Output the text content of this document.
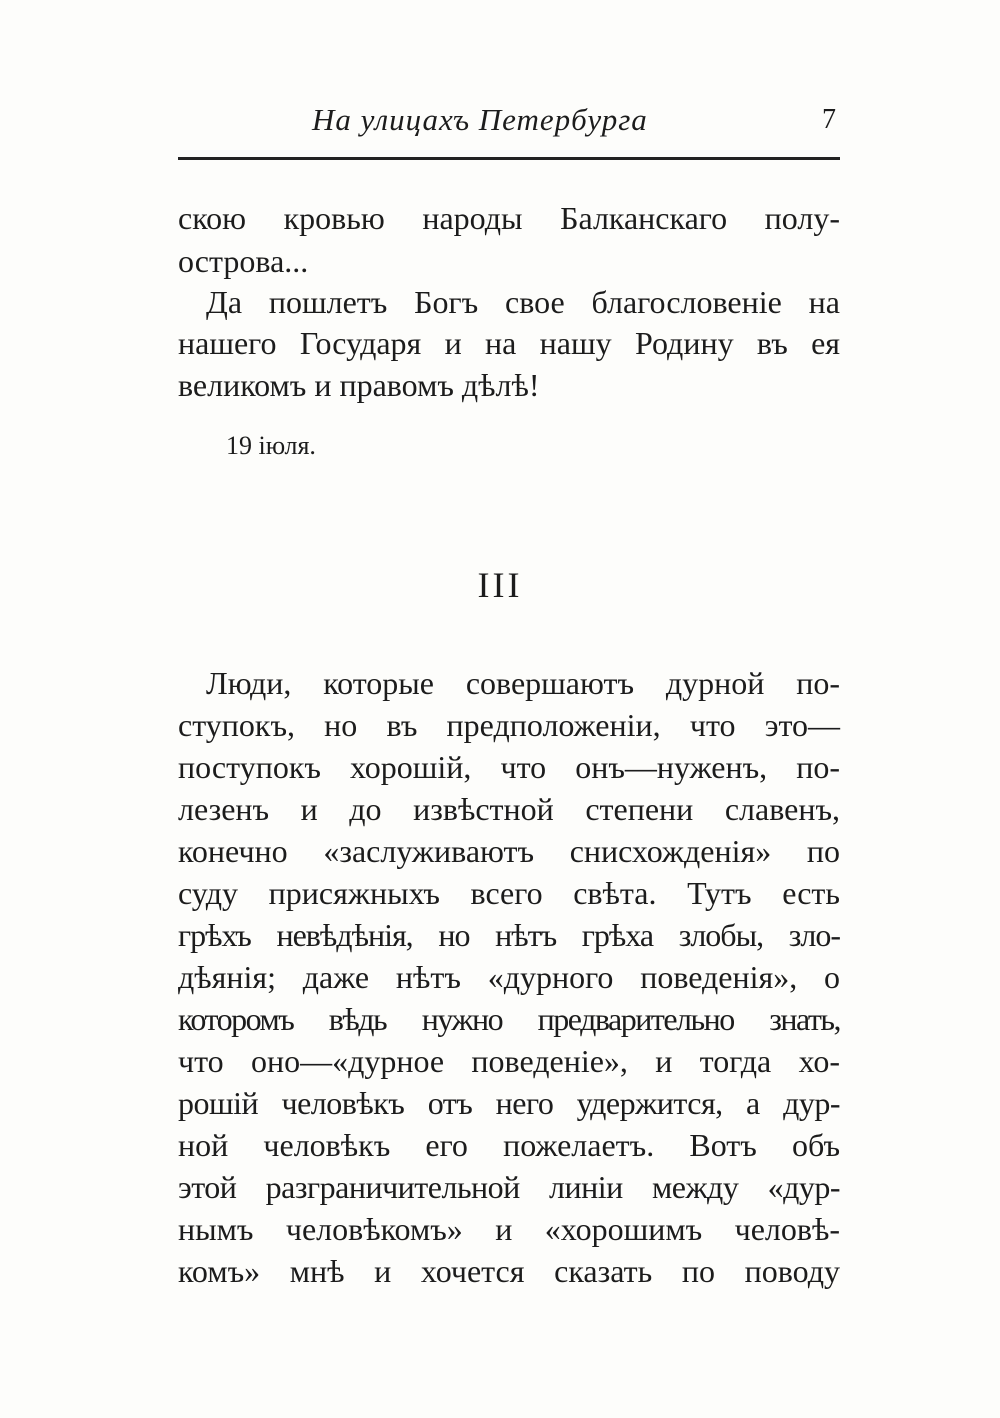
На улицахъ Петербурга	7
скою кровью народы Балканскаго полу-
острова...
Да пошлетъ Богъ свое благословеніе на
нашего Государя и на нашу Родину въ ея
великомъ и правомъ дѣлѣ!
19 іюля.
III
Люди, которые совершаютъ дурной по-
ступокъ, но въ предположеніи, что это—
поступокъ хорошій, что онъ—нуженъ, по-
лезенъ и до извѣстной степени славенъ,
конечно «заслуживаютъ снисхожденія» по
суду присяжныхъ всего свѣта. Тутъ есть
грѣхъ невѣдѣнія, но нѣтъ грѣха злобы, зло-
дѣянія; даже нѣтъ «дурного поведенія», о
которомъ вѣдь нужно предварительно знать,
что оно—«дурное поведеніе», и тогда хо-
рошій человѣкъ отъ него удержится, а дур-
ной человѣкъ его пожелаетъ. Вотъ объ
этой разграничительной линіи между «дур-
нымъ человѣкомъ» и «хорошимъ человѣ-
комъ» мнѣ и хочется сказать по поводу
